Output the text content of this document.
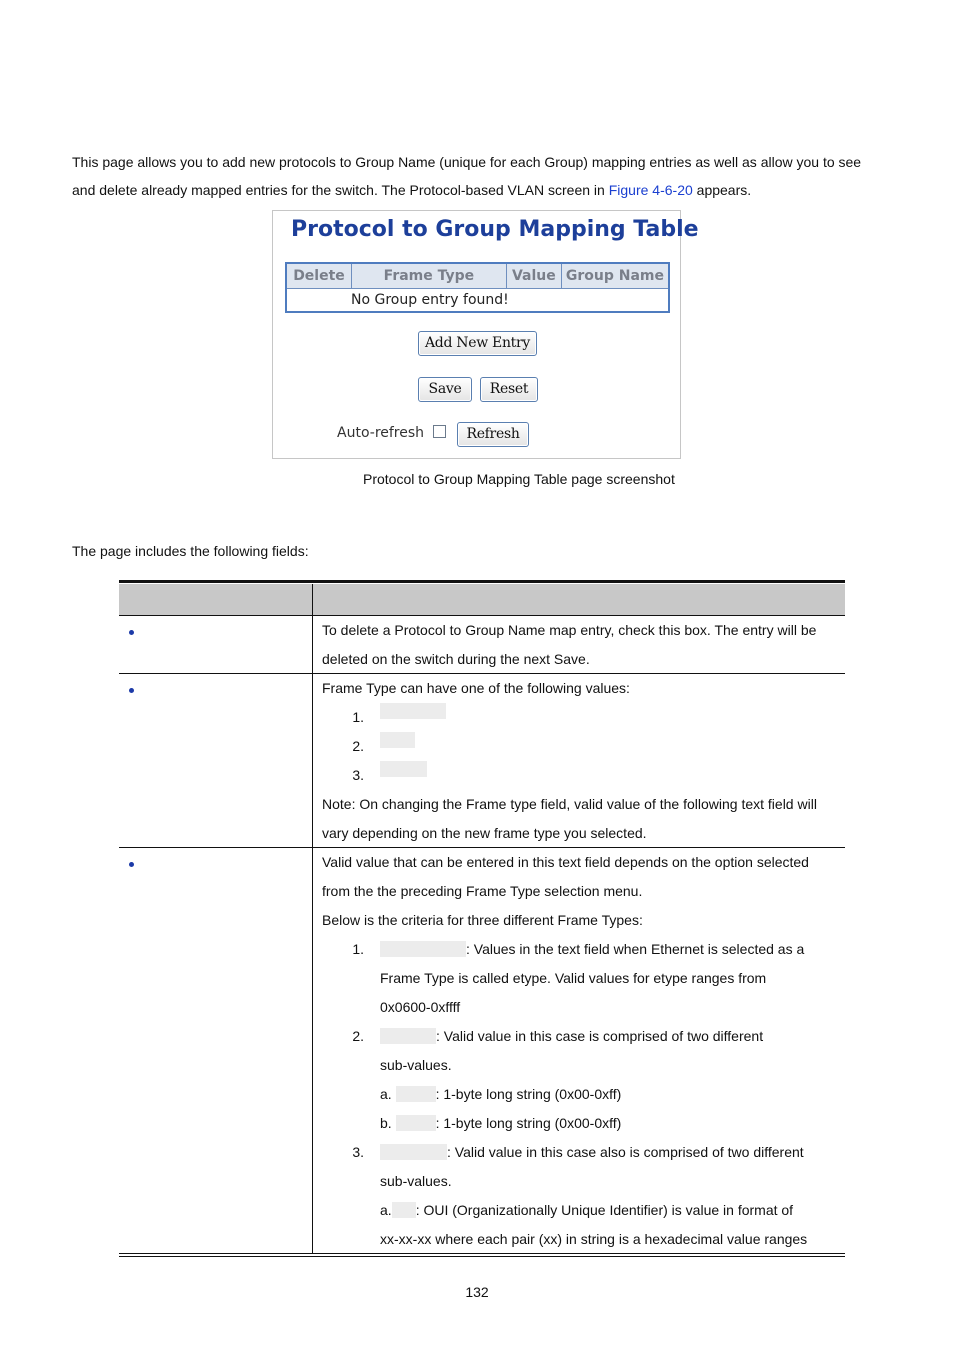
This page allows you to add new protocols to Group Name (unique for each Group) mapping entries as well as allow you to see
and delete already mapped entries for the switch. The Protocol-based VLAN screen in Figure 4-6-20 appears.
Protocol to Group Mapping Table
Delete	Frame Type	Value	Group Name
No Group entry found!
Add New Entry
Save	Reset
Auto-refresh	Refresh
Protocol to Group Mapping Table page screenshot
The page includes the following fields:
To delete a Protocol to Group Name map entry, check this box. The entry will be
deleted on the switch during the next Save.
Frame Type can have one of the following values:
1.
2.
3.
Note: On changing the Frame type field, valid value of the following text field will
vary depending on the new frame type you selected.
Valid value that can be entered in this text field depends on the option selected
from the the preceding Frame Type selection menu.
Below is the criteria for three different Frame Types:
1.	: Values in the text field when Ethernet is selected as a
Frame Type is called etype. Valid values for etype ranges from
0x0600-0xffff
2.	: Valid value in this case is comprised of two different
sub-values.
a.	: 1-byte long string (0x00-0xff)
b.	: 1-byte long string (0x00-0xff)
3.	: Valid value in this case also is comprised of two different
sub-values.
a. : OUI (Organizationally Unique Identifier) is value in format of
xx-xx-xx where each pair (xx) in string is a hexadecimal value ranges
132
